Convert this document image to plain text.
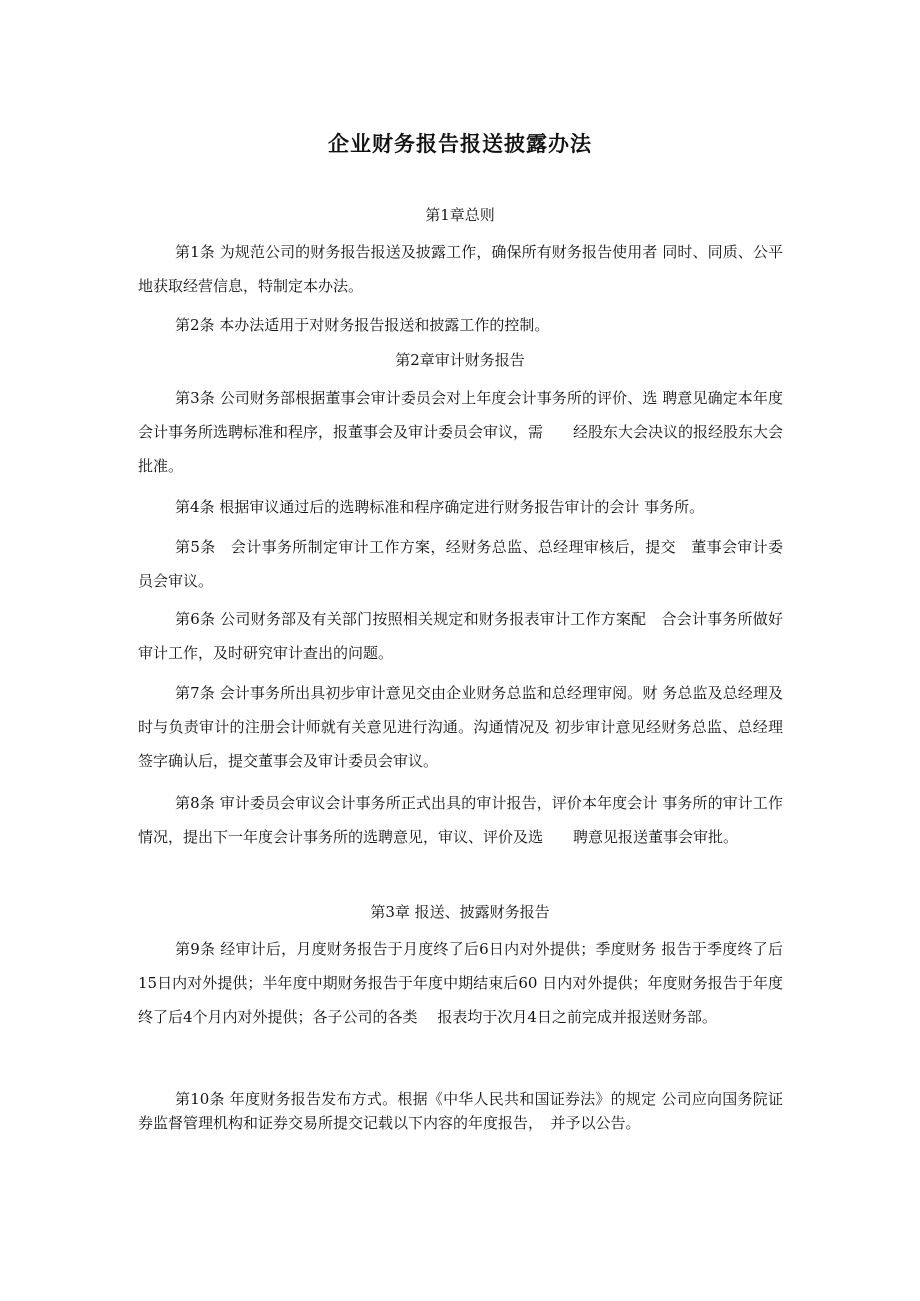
企业财务报告报送披露办法
第1章总则

第1条 为规范公司的财务报告报送及披露工作，确保所有财务报告使用者 同时、同质、公平地获取经营信息，特制定本办法。

第2条 本办法适用于对财务报告报送和披露工作的控制。

第2章审计财务报告

第3条 公司财务部根据董事会审计委员会对上年度会计事务所的评价、选 聘意见确定本年度会计事务所选聘标准和程序，报董事会及审计委员会审议，需　　经股东大会决议的报经股东大会批准。

第4条 根据审议通过后的选聘标准和程序确定进行财务报告审计的会计 事务所。

第5条　会计事务所制定审计工作方案，经财务总监、总经理审核后，提交　董事会审计委员会审议。

第6条 公司财务部及有关部门按照相关规定和财务报表审计工作方案配　合会计事务所做好审计工作，及时研究审计查出的问题。

第7条 会计事务所出具初步审计意见交由企业财务总监和总经理审阅。财 务总监及总经理及时与负责审计的注册会计师就有关意见进行沟通。沟通情况及 初步审计意见经财务总监、总经理签字确认后，提交董事会及审计委员会审议。

第8条 审计委员会审议会计事务所正式出具的审计报告，评价本年度会计 事务所的审计工作情况，提出下一年度会计事务所的选聘意见，审议、评价及选　　聘意见报送董事会审批。

第3章 报送、披露财务报告

第9条 经审计后，月度财务报告于月度终了后6日内对外提供；季度财务 报告于季度终了后15日内对外提供；半年度中期财务报告于年度中期结束后60 日内对外提供；年度财务报告于年度终了后4个月内对外提供；各子公司的各类　 报表均于次月4日之前完成并报送财务部。

第10条 年度财务报告发布方式。根据《中华人民共和国证券法》的规定 公司应向国务院证券监督管理机构和证券交易所提交记载以下内容的年度报告，　并予以公告。
